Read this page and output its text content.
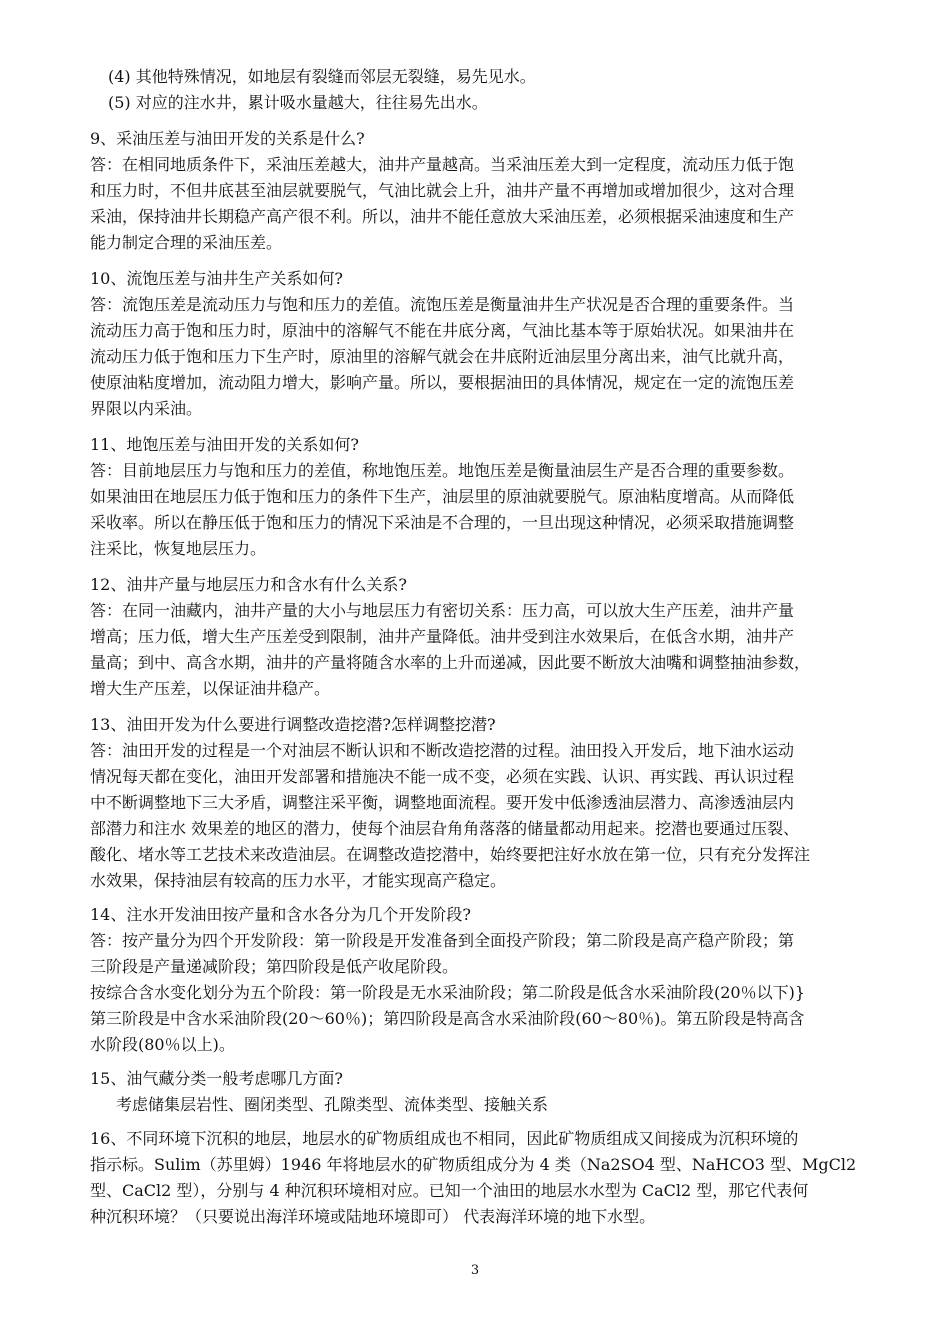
(4) 其他特殊情况，如地层有裂缝而邻层无裂缝，易先见水。
(5) 对应的注水井，累计吸水量越大，往往易先出水。
9、采油压差与油田开发的关系是什么?
答：在相同地质条件下，采油压差越大，油井产量越高。当采油压差大到一定程度，流动压力低于饱
和压力时，不但井底甚至油层就要脱气，气油比就会上升，油井产量不再增加或增加很少，这对合理
采油，保持油井长期稳产高产很不利。所以，油井不能任意放大采油压差，必须根据采油速度和生产
能力制定合理的采油压差。
10、流饱压差与油井生产关系如何?
答：流饱压差是流动压力与饱和压力的差值。流饱压差是衡量油井生产状况是否合理的重要条件。当
流动压力高于饱和压力时，原油中的溶解气不能在井底分离，气油比基本等于原始状况。如果油井在
流动压力低于饱和压力下生产时，原油里的溶解气就会在井底附近油层里分离出来，油气比就升高，
使原油粘度增加，流动阻力增大，影响产量。所以，要根据油田的具体情况，规定在一定的流饱压差
界限以内采油。
11、地饱压差与油田开发的关系如何?
答：目前地层压力与饱和压力的差值，称地饱压差。地饱压差是衡量油层生产是否合理的重要参数。
如果油田在地层压力低于饱和压力的条件下生产，油层里的原油就要脱气。原油粘度增高。从而降低
采收率。所以在静压低于饱和压力的情况下采油是不合理的，一旦出现这种情况，必须采取措施调整
注采比，恢复地层压力。
12、油井产量与地层压力和含水有什么关系?
答：在同一油藏内，油井产量的大小与地层压力有密切关系：压力高，可以放大生产压差，油井产量
增高；压力低，增大生产压差受到限制，油井产量降低。油井受到注水效果后，在低含水期，油井产
量高；到中、高含水期，油井的产量将随含水率的上升而递减，因此要不断放大油嘴和调整抽油参数，
增大生产压差，以保证油井稳产。
13、油田开发为什么要进行调整改造挖潜?怎样调整挖潜?
答：油田开发的过程是一个对油层不断认识和不断改造挖潜的过程。油田投入开发后，地下油水运动
情况每天都在变化，油田开发部署和措施决不能一成不变，必须在实践、认识、再实践、再认识过程
中不断调整地下三大矛盾，调整注采平衡，调整地面流程。要开发中低渗透油层潜力、高渗透油层内
部潜力和注水 效果差的地区的潜力，使每个油层旮角角落落的储量都动用起来。挖潜也要通过压裂、
酸化、堵水等工艺技术来改造油层。在调整改造挖潜中，始终要把注好水放在第一位，只有充分发挥注
水效果，保持油层有较高的压力水平，才能实现高产稳定。
14、注水开发油田按产量和含水各分为几个开发阶段?
答：按产量分为四个开发阶段：第一阶段是开发准备到全面投产阶段；第二阶段是高产稳产阶段；第
三阶段是产量递减阶段；第四阶段是低产收尾阶段。
按综合含水变化划分为五个阶段：第一阶段是无水采油阶段；第二阶段是低含水采油阶段(20％以下)}
第三阶段是中含水采油阶段(20～60％)；第四阶段是高含水采油阶段(60～80％)。第五阶段是特高含
水阶段(80％以上)。
15、油气藏分类一般考虑哪几方面?
考虑储集层岩性、圈闭类型、孔隙类型、流体类型、接触关系
16、不同环境下沉积的地层，地层水的矿物质组成也不相同，因此矿物质组成又间接成为沉积环境的
指示标。Sulim（苏里姆）1946 年将地层水的矿物质组成分为 4 类（Na2SO4 型、NaHCO3 型、MgCl2
型、CaCl2 型），分别与 4 种沉积环境相对应。已知一个油田的地层水水型为 CaCl2 型，那它代表何
种沉积环境？（只要说出海洋环境或陆地环境即可） 代表海洋环境的地下水型。
3
